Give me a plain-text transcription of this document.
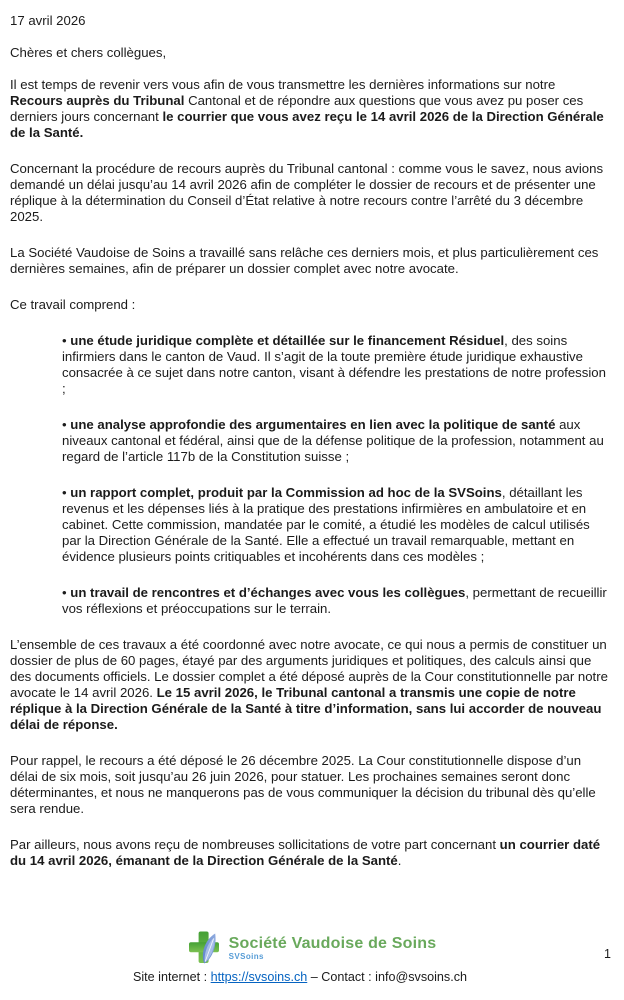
17 avril 2026

Chères et chers collègues,

Il est temps de revenir vers vous afin de vous transmettre les dernières informations sur notre Recours auprès du Tribunal Cantonal et de répondre aux questions que vous avez pu poser ces derniers jours concernant le courrier que vous avez reçu le 14 avril 2026 de la Direction Générale de la Santé.

Concernant la procédure de recours auprès du Tribunal cantonal : comme vous le savez, nous avions demandé un délai jusqu’au 14 avril 2026 afin de compléter le dossier de recours et de présenter une réplique à la détermination du Conseil d’État relative à notre recours contre l’arrêté du 3 décembre 2025.

La Société Vaudoise de Soins a travaillé sans relâche ces derniers mois, et plus particulièrement ces dernières semaines, afin de préparer un dossier complet avec notre avocate.

Ce travail comprend :

• une étude juridique complète et détaillée sur le financement Résiduel, des soins infirmiers dans le canton de Vaud. Il s’agit de la toute première étude juridique exhaustive consacrée à ce sujet dans notre canton, visant à défendre les prestations de notre profession ;

• une analyse approfondie des argumentaires en lien avec la politique de santé aux niveaux cantonal et fédéral, ainsi que de la défense politique de la profession, notamment au regard de l’article 117b de la Constitution suisse ;

• un rapport complet, produit par la Commission ad hoc de la SVSoins, détaillant les revenus et les dépenses liés à la pratique des prestations infirmières en ambulatoire et en cabinet. Cette commission, mandatée par le comité, a étudié les modèles de calcul utilisés par la Direction Générale de la Santé. Elle a effectué un travail remarquable, mettant en évidence plusieurs points critiquables et incohérents dans ces modèles ;

• un travail de rencontres et d’échanges avec vous les collègues, permettant de recueillir vos réflexions et préoccupations sur le terrain.

L’ensemble de ces travaux a été coordonné avec notre avocate, ce qui nous a permis de constituer un dossier de plus de 60 pages, étayé par des arguments juridiques et politiques, des calculs ainsi que des documents officiels. Le dossier complet a été déposé auprès de la Cour constitutionnelle par notre avocate le 14 avril 2026. Le 15 avril 2026, le Tribunal cantonal a transmis une copie de notre réplique à la Direction Générale de la Santé à titre d’information, sans lui accorder de nouveau délai de réponse.

Pour rappel, le recours a été déposé le 26 décembre 2025. La Cour constitutionnelle dispose d’un délai de six mois, soit jusqu’au 26 juin 2026, pour statuer. Les prochaines semaines seront donc déterminantes, et nous ne manquerons pas de vous communiquer la décision du tribunal dès qu’elle sera rendue.

Par ailleurs, nous avons reçu de nombreuses sollicitations de votre part concernant un courrier daté du 14 avril 2026, émanant de la Direction Générale de la Santé.

Société Vaudoise de Soins
SVSoins	1
Site internet : https://svsoins.ch – Contact : info@svsoins.ch
